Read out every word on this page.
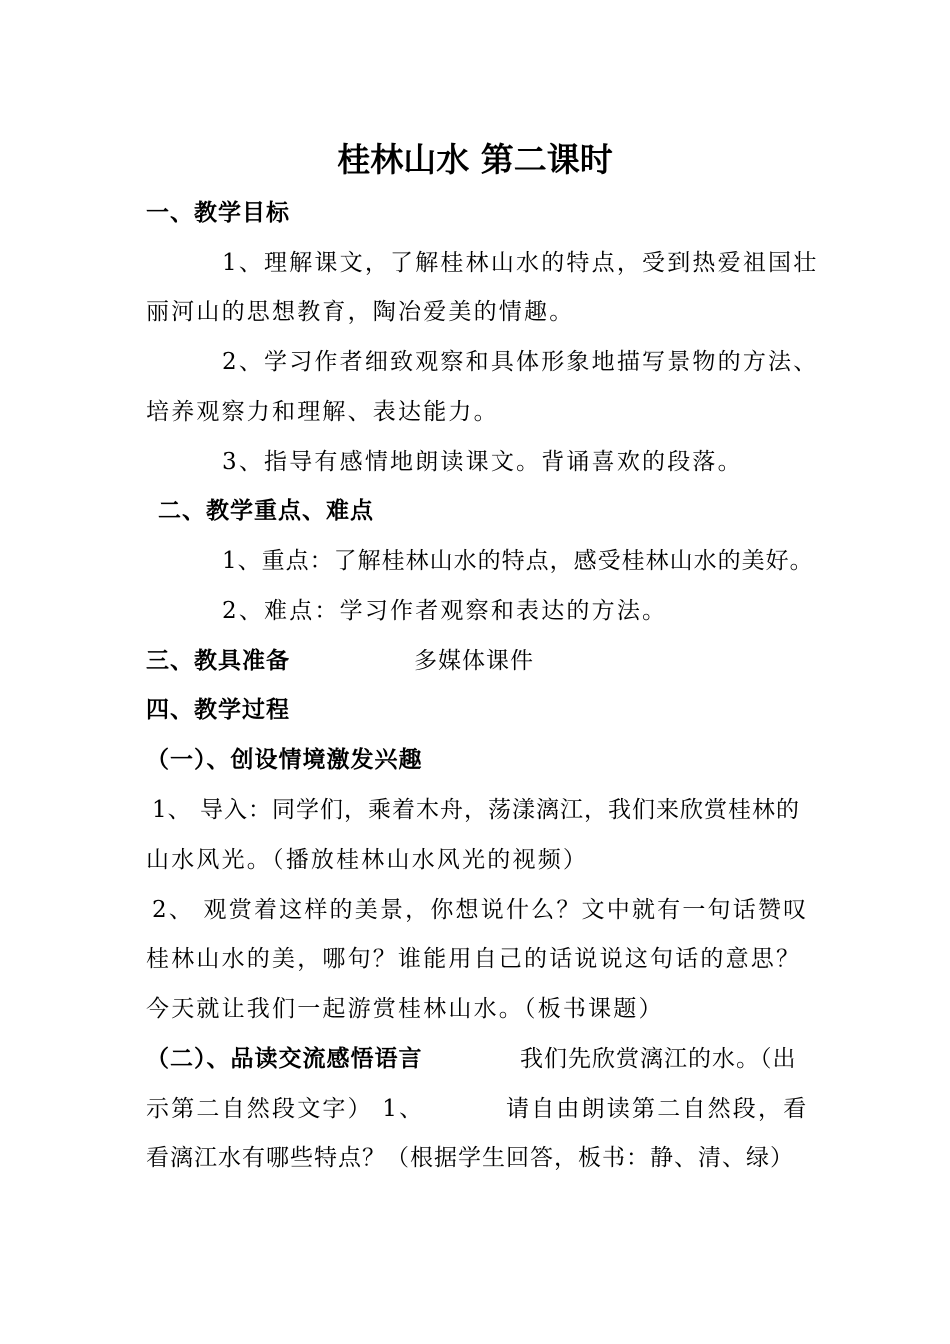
桂林山水 第二课时
一、教学目标
1、理解课文，了解桂林山水的特点，受到热爱祖国壮
丽河山的思想教育，陶冶爱美的情趣。
2、学习作者细致观察和具体形象地描写景物的方法、
培养观察力和理解、表达能力。
3、指导有感情地朗读课文。背诵喜欢的段落。
二、教学重点、难点
1、重点：了解桂林山水的特点，感受桂林山水的美好。
2、难点：学习作者观察和表达的方法。
三、教具准备	多媒体课件
四、教学过程
（一）、创设情境激发兴趣
1、 导入：同学们，乘着木舟，荡漾漓江，我们来欣赏桂林的
山水风光。（播放桂林山水风光的视频）
2、 观赏着这样的美景，你想说什么？文中就有一句话赞叹
桂林山水的美，哪句？谁能用自己的话说说这句话的意思？
今天就让我们一起游赏桂林山水。（板书课题）
（二）、品读交流感悟语言	我们先欣赏漓江的水。（出
示第二自然段文字） 1、	请自由朗读第二自然段，看
看漓江水有哪些特点？（根据学生回答，板书：静、清、绿）
